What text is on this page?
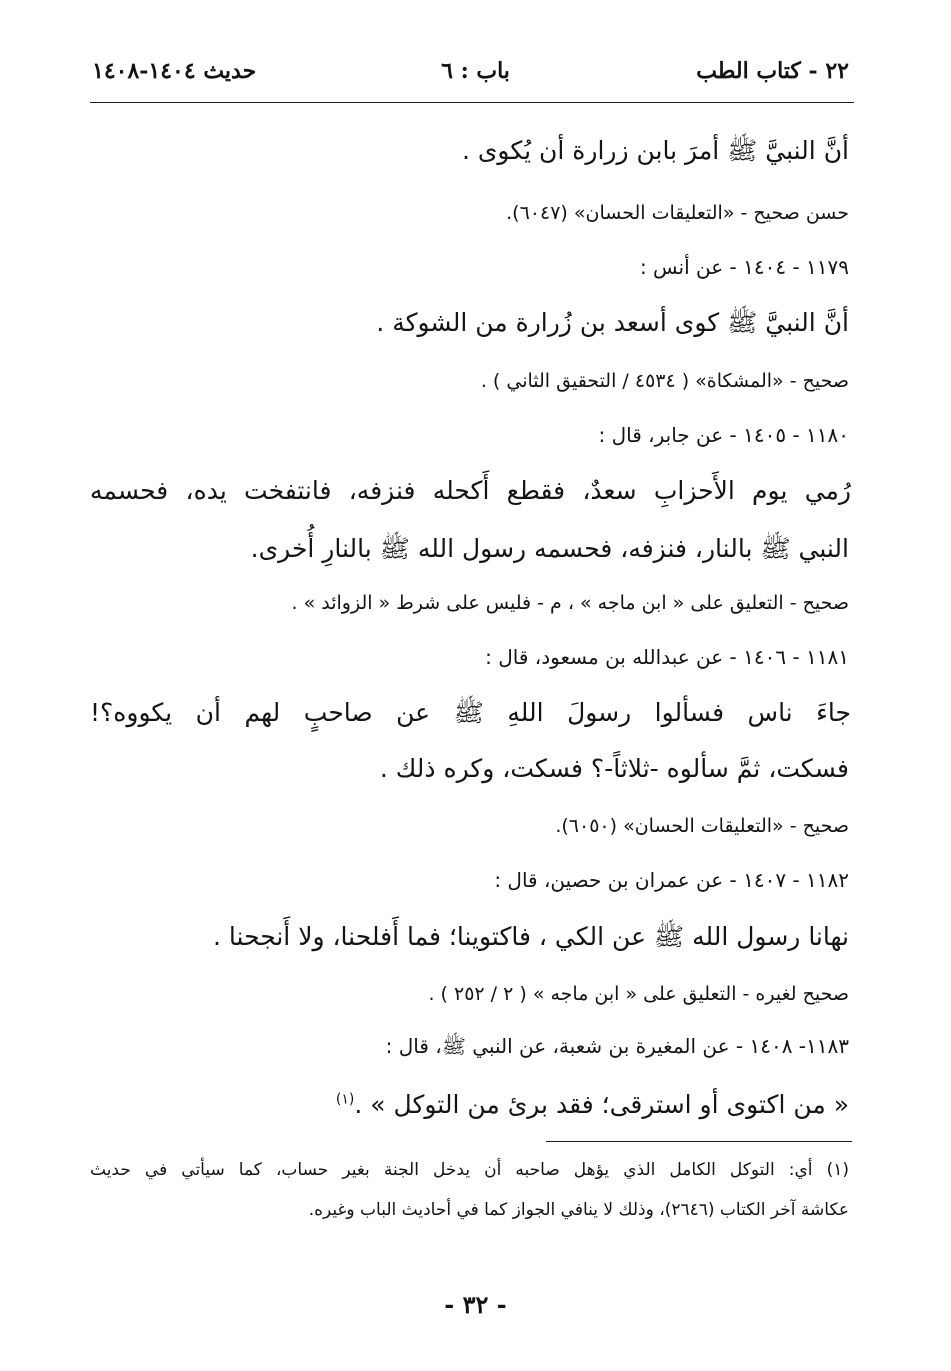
٢٢ - كتاب الطب
باب : ٦
حديث ١٤٠٤-١٤٠٨
أنَّ النبيَّ ﷺ أمرَ بابن زرارة أن يُكوى .
حسن صحيح - «التعليقات الحسان» (٦٠٤٧).
١١٧٩ - ١٤٠٤ - عن أنس :
أنَّ النبيَّ ﷺ كوى أسعد بن زُرارة من الشوكة .
صحيح - «المشكاة» ( ٤٥٣٤ / التحقيق الثاني ) .
١١٨٠ - ١٤٠٥ - عن جابر، قال :
رُمي يوم الأَحزابِ سعدٌ، فقطع أَكحله فنزفه، فانتفخت يده، فحسمه
النبي ﷺ بالنار، فنزفه، فحسمه رسول الله ﷺ بالنارِ أُخرى.
صحيح - التعليق على « ابن ماجه » ، م - فليس على شرط « الزوائد » .
١١٨١ - ١٤٠٦ - عن عبدالله بن مسعود، قال :
جاءَ ناس فسألوا رسولَ اللهِ ﷺ عن صاحبٍ لهم أن يكووه؟!
فسكت، ثمَّ سألوه -ثلاثاً-؟ فسكت، وكره ذلك .
صحيح - «التعليقات الحسان» (٦٠٥٠).
١١٨٢ - ١٤٠٧ - عن عمران بن حصين، قال :
نهانا رسول الله ﷺ عن الكي ، فاكتوينا؛ فما أَفلحنا، ولا أَنجحنا .
صحيح لغيره - التعليق على « ابن ماجه » ( ٢ / ٢٥٢ ) .
١١٨٣- ١٤٠٨ - عن المغيرة بن شعبة، عن النبي ﷺ، قال :
« من اكتوى أو استرقى؛ فقد برئ من التوكل » .$^{(١)}$
(١) أي: التوكل الكامل الذي يؤهل صاحبه أن يدخل الجنة بغير حساب، كما سيأتي في حديث
عكاشة آخر الكتاب (٢٦٤٦)، وذلك لا ينافي الجواز كما في أحاديث الباب وغيره.
- ٣٢ -
